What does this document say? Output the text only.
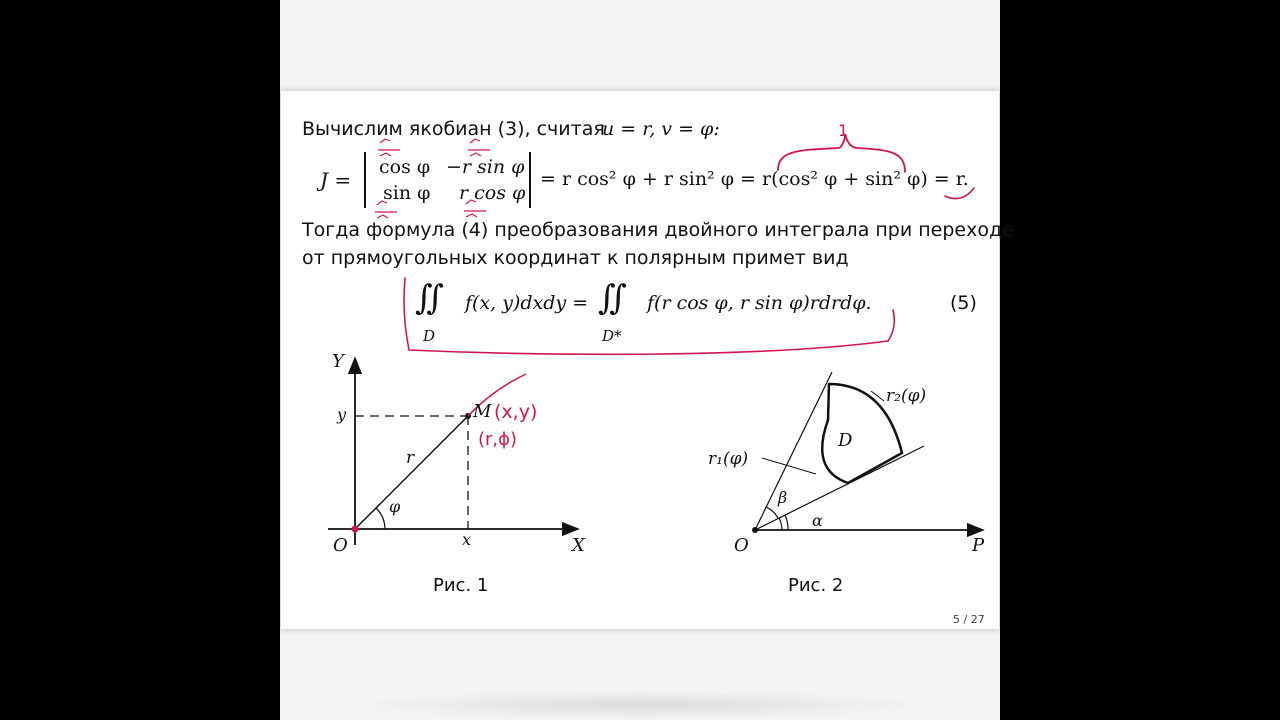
Вычислим якобиан (3), считая
u = r, v = φ:
J =
cos φ −r sin φ
sin φ r cos φ
= r cos² φ + r sin² φ = r(cos² φ + sin² φ) = r.
Тогда формула (4) преобразования двойного интеграла при переходе
от прямоугольных координат к полярным примет вид
∬
D
f(x, y)dxdy = ∬
D*
f(r cos φ, r sin φ)rdrdφ.	(5)
Y
X
O
y
x
M
r
φ
Рис. 1
O	P
D
r₁(φ)
r₂(φ)
α
β
Рис. 2
5 / 27
1
(x,y)
(r,ϕ)
